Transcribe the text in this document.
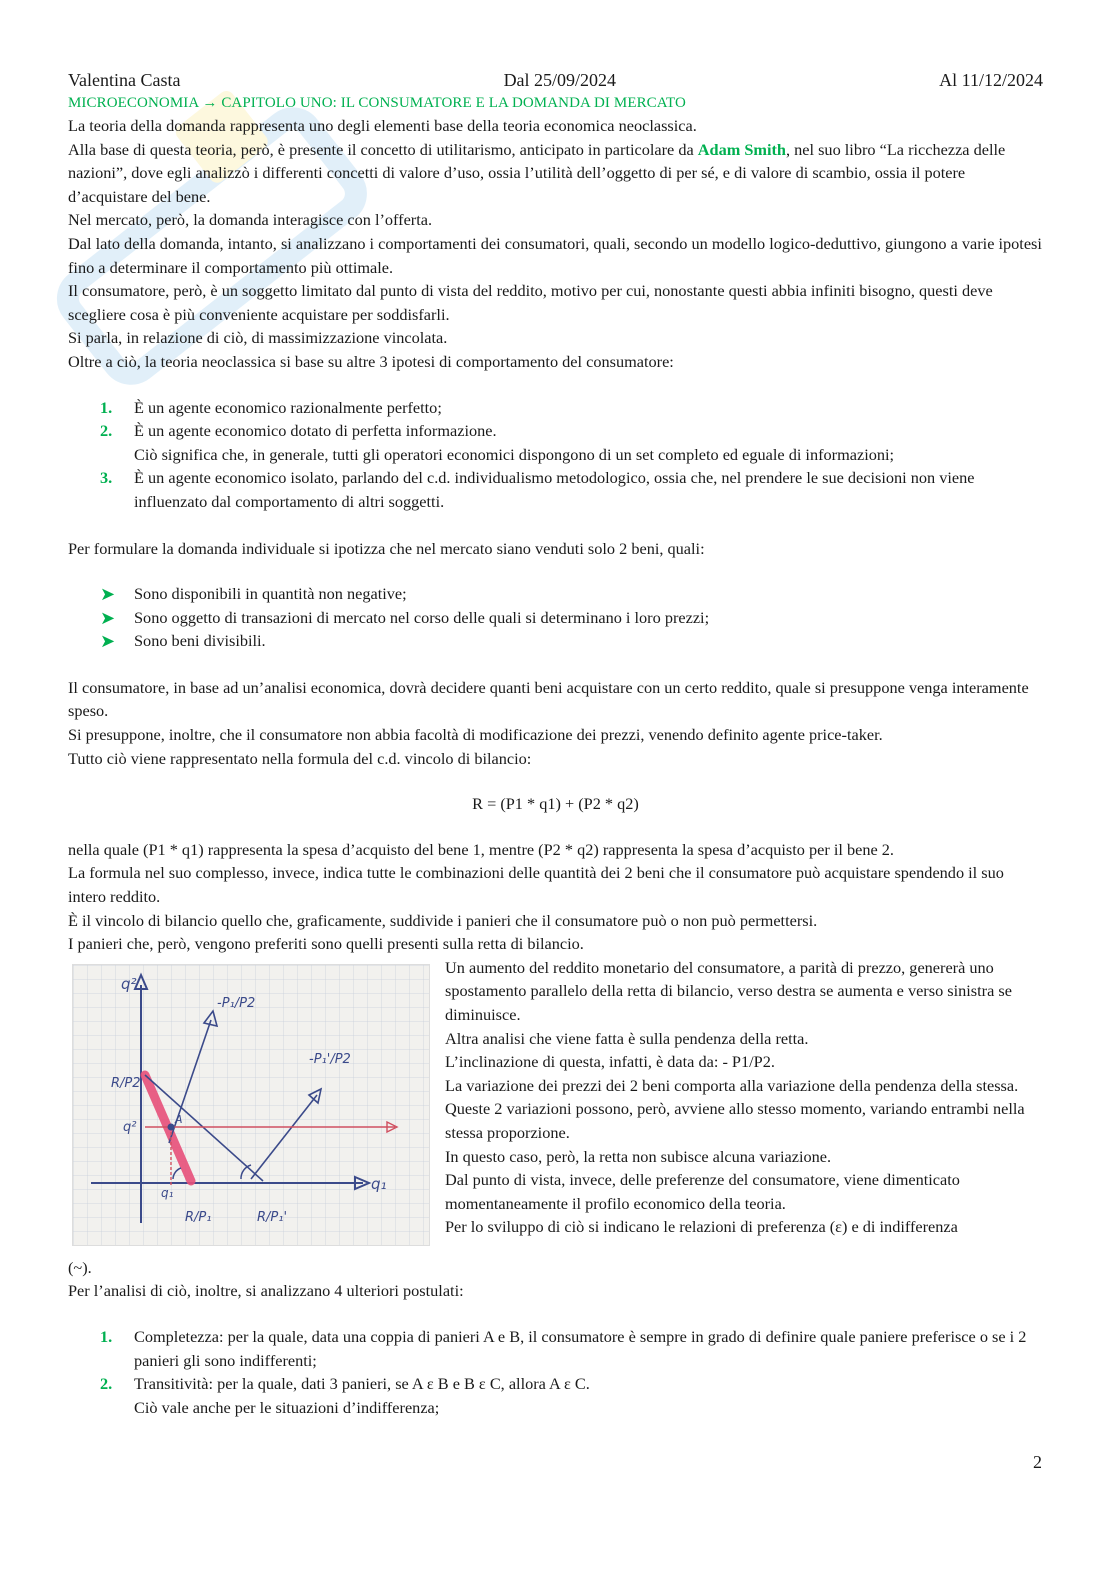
Valentina Casta	Dal 25/09/2024	Al 11/12/2024
MICROECONOMIA → CAPITOLO UNO: IL CONSUMATORE E LA DOMANDA DI MERCATO

La teoria della domanda rappresenta uno degli elementi base della teoria economica neoclassica.

Alla base di questa teoria, però, è presente il concetto di utilitarismo, anticipato in particolare da Adam Smith, nel suo libro “La ricchezza delle nazioni”, dove egli analizzò i differenti concetti di valore d’uso, ossia l’utilità dell’oggetto di per sé, e di valore di scambio, ossia il potere d’acquistare del bene.

Nel mercato, però, la domanda interagisce con l’offerta.

Dal lato della domanda, intanto, si analizzano i comportamenti dei consumatori, quali, secondo un modello logico-deduttivo, giungono a varie ipotesi fino a determinare il comportamento più ottimale.

Il consumatore, però, è un soggetto limitato dal punto di vista del reddito, motivo per cui, nonostante questi abbia infiniti bisogno, questi deve scegliere cosa è più conveniente acquistare per soddisfarli.

Si parla, in relazione di ciò, di massimizzazione vincolata.

Oltre a ciò, la teoria neoclassica si base su altre 3 ipotesi di comportamento del consumatore:

1. È un agente economico razionalmente perfetto;
2. È un agente economico dotato di perfetta informazione.
Ciò significa che, in generale, tutti gli operatori economici dispongono di un set completo ed eguale di informazioni;
3. È un agente economico isolato, parlando del c.d. individualismo metodologico, ossia che, nel prendere le sue decisioni non viene influenzato dal comportamento di altri soggetti.

Per formulare la domanda individuale si ipotizza che nel mercato siano venduti solo 2 beni, quali:

➤ Sono disponibili in quantità non negative;
➤ Sono oggetto di transazioni di mercato nel corso delle quali si determinano i loro prezzi;
➤ Sono beni divisibili.

Il consumatore, in base ad un’analisi economica, dovrà decidere quanti beni acquistare con un certo reddito, quale si presuppone venga interamente speso.

Si presuppone, inoltre, che il consumatore non abbia facoltà di modificazione dei prezzi, venendo definito agente price-taker.

Tutto ciò viene rappresentato nella formula del c.d. vincolo di bilancio:

R = (P1 * q1) + (P2 * q2)

nella quale (P1 * q1) rappresenta la spesa d’acquisto del bene 1, mentre (P2 * q2) rappresenta la spesa d’acquisto per il bene 2.

La formula nel suo complesso, invece, indica tutte le combinazioni delle quantità dei 2 beni che il consumatore può acquistare spendendo il suo intero reddito.

È il vincolo di bilancio quello che, graficamente, suddivide i panieri che il consumatore può o non può permettersi.

I panieri che, però, vengono preferiti sono quelli presenti sulla retta di bilancio.

q²
q₁
R/P2
q²
q₁
R/P₁	R/P₁'
-P₁/P2
-P₁'/P2
A

Un aumento del reddito monetario del consumatore, a parità di prezzo, genererà uno spostamento parallelo della retta di bilancio, verso destra se aumenta e verso sinistra se diminuisce.

Altra analisi che viene fatta è sulla pendenza della retta.

L’inclinazione di questa, infatti, è data da: - P1/P2.

La variazione dei prezzi dei 2 beni comporta alla variazione della pendenza della stessa.

Queste 2 variazioni possono, però, avviene allo stesso momento, variando entrambi nella stessa proporzione.

In questo caso, però, la retta non subisce alcuna variazione.

Dal punto di vista, invece, delle preferenze del consumatore, viene dimenticato momentaneamente il profilo economico della teoria.

Per lo sviluppo di ciò si indicano le relazioni di preferenza (ε) e di indifferenza

(~).

Per l’analisi di ciò, inoltre, si analizzano 4 ulteriori postulati:

1. Completezza: per la quale, data una coppia di panieri A e B, il consumatore è sempre in grado di definire quale paniere preferisce o se i 2 panieri gli sono indifferenti;
2. Transitività: per la quale, dati 3 panieri, se A ε B e B ε C, allora A ε C.
Ciò vale anche per le situazioni d’indifferenza;
2
